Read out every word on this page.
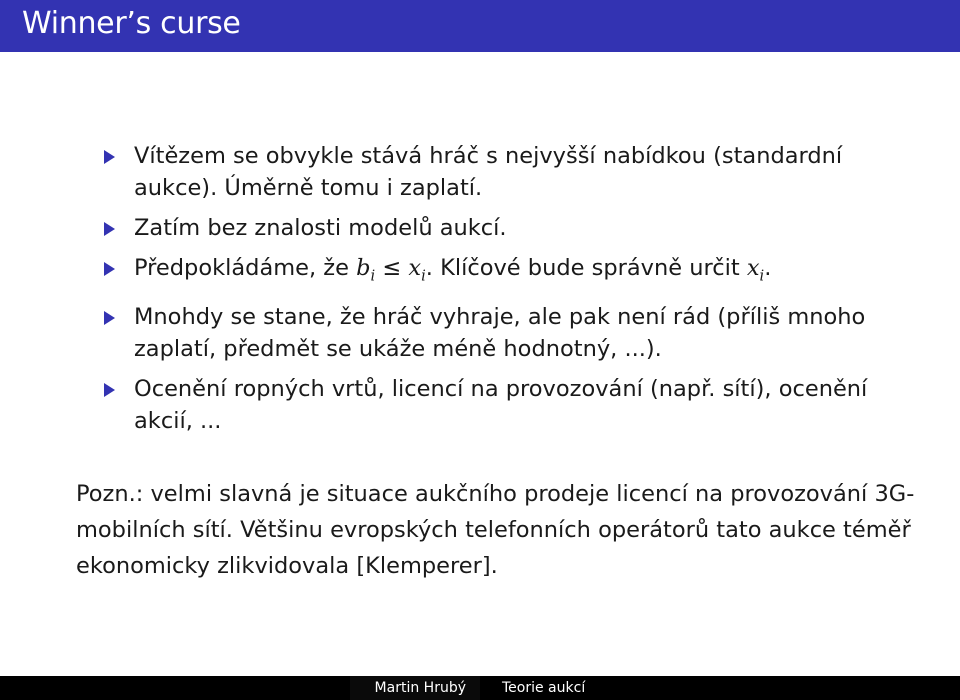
Winner’s curse
Vítězem se obvykle stává hráč s nejvyšší nabídkou (standardní aukce). Úměrně tomu i zaplatí.
Zatím bez znalosti modelů aukcí.
Předpokládáme, že $b_i \le x_i$. Klíčové bude správně určit $x_i$.
Mnohdy se stane, že hráč vyhraje, ale pak není rád (příliš mnoho zaplatí, předmět se ukáže méně hodnotný, ...).
Ocenění ropných vrtů, licencí na provozování (např. sítí), ocenění akcií, ...

Pozn.: velmi slavná je situace aukčního prodeje licencí na provozování 3G-mobilních sítí. Většinu evropských telefonních operátorů tato aukce téměř ekonomicky zlikvidovala [Klemperer].

Martin Hrubý	Teorie aukcí
